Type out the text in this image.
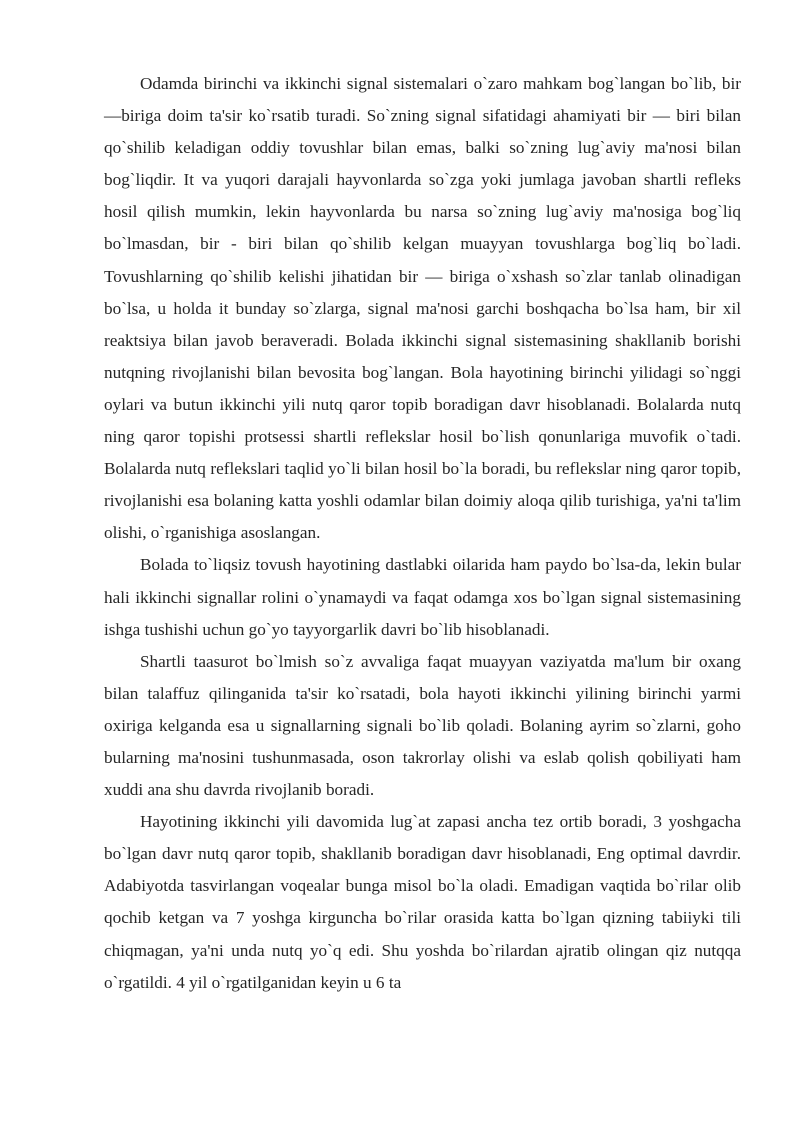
Odamda birinchi va ikkinchi signal sistemalari o`zaro mahkam bog`langan bo`lib, bir —biriga doim ta'sir ko`rsatib turadi. So`zning signal sifatidagi ahamiyati bir — biri bilan qo`shilib keladigan oddiy tovushlar bilan emas, balki so`zning lug`aviy ma'nosi bilan bog`liqdir. It va yuqori darajali hayvonlarda so`zga yoki jumlaga javoban shartli refleks hosil qilish mumkin, lekin hayvonlarda bu narsa so`zning lug`aviy ma'nosiga bog`liq bo`lmasdan, bir - biri bilan qo`shilib kelgan muayyan tovushlarga bog`liq bo`ladi. Tovushlarning qo`shilib kelishi jihatidan bir — biriga o`xshash so`zlar tanlab olinadigan bo`lsa, u holda it bunday so`zlarga, signal ma'nosi garchi boshqacha bo`lsa ham, bir xil reaktsiya bilan javob beraveradi. Bolada ikkinchi signal sistemasining shakllanib borishi nutqning rivojlanishi bilan bevosita bog`langan. Bola hayotining birinchi yilidagi so`nggi oylari va butun ikkinchi yili nutq qaror topib boradigan davr hisoblanadi. Bolalarda nutq ning qaror topishi protsessi shartli reflekslar hosil bo`lish qonunlariga muvofik o`tadi. Bolalarda nutq reflekslari taqlid yo`li bilan hosil bo`la boradi, bu reflekslar ning qaror topib, rivojlanishi esa bolaning katta yoshli odamlar bilan doimiy aloqa qilib turishiga, ya'ni ta'lim olishi, o`rganishiga asoslangan.

Bolada to`liqsiz tovush hayotining dastlabki oilarida ham paydo bo`lsa-da, lekin bular hali ikkinchi signallar rolini o`ynamaydi va faqat odamga xos bo`lgan signal sistemasining ishga tushishi uchun go`yo tayyorgarlik davri bo`lib hisoblanadi.

Shartli taasurot bo`lmish so`z avvaliga faqat muayyan vaziyatda ma'lum bir oxang bilan talaffuz qilinganida ta'sir ko`rsatadi, bola hayoti ikkinchi yilining birinchi yarmi oxiriga kelganda esa u signallarning signali bo`lib qoladi. Bolaning ayrim so`zlarni, goho bularning ma'nosini tushunmasada, oson takrorlay olishi va eslab qolish qobiliyati ham xuddi ana shu davrda rivojlanib boradi.

Hayotining ikkinchi yili davomida lug`at zapasi ancha tez ortib boradi, 3 yoshgacha bo`lgan davr nutq qaror topib, shakllanib boradigan davr hisoblanadi, Eng optimal davrdir. Adabiyotda tasvirlangan voqealar bunga misol bo`la oladi. Emadigan vaqtida bo`rilar olib qochib ketgan va 7 yoshga kirguncha bo`rilar orasida katta bo`lgan qizning tabiiyki tili chiqmagan, ya'ni unda nutq yo`q edi. Shu yoshda bo`rilardan ajratib olingan qiz nutqqa o`rgatildi. 4 yil o`rgatilganidan keyin u 6 ta
